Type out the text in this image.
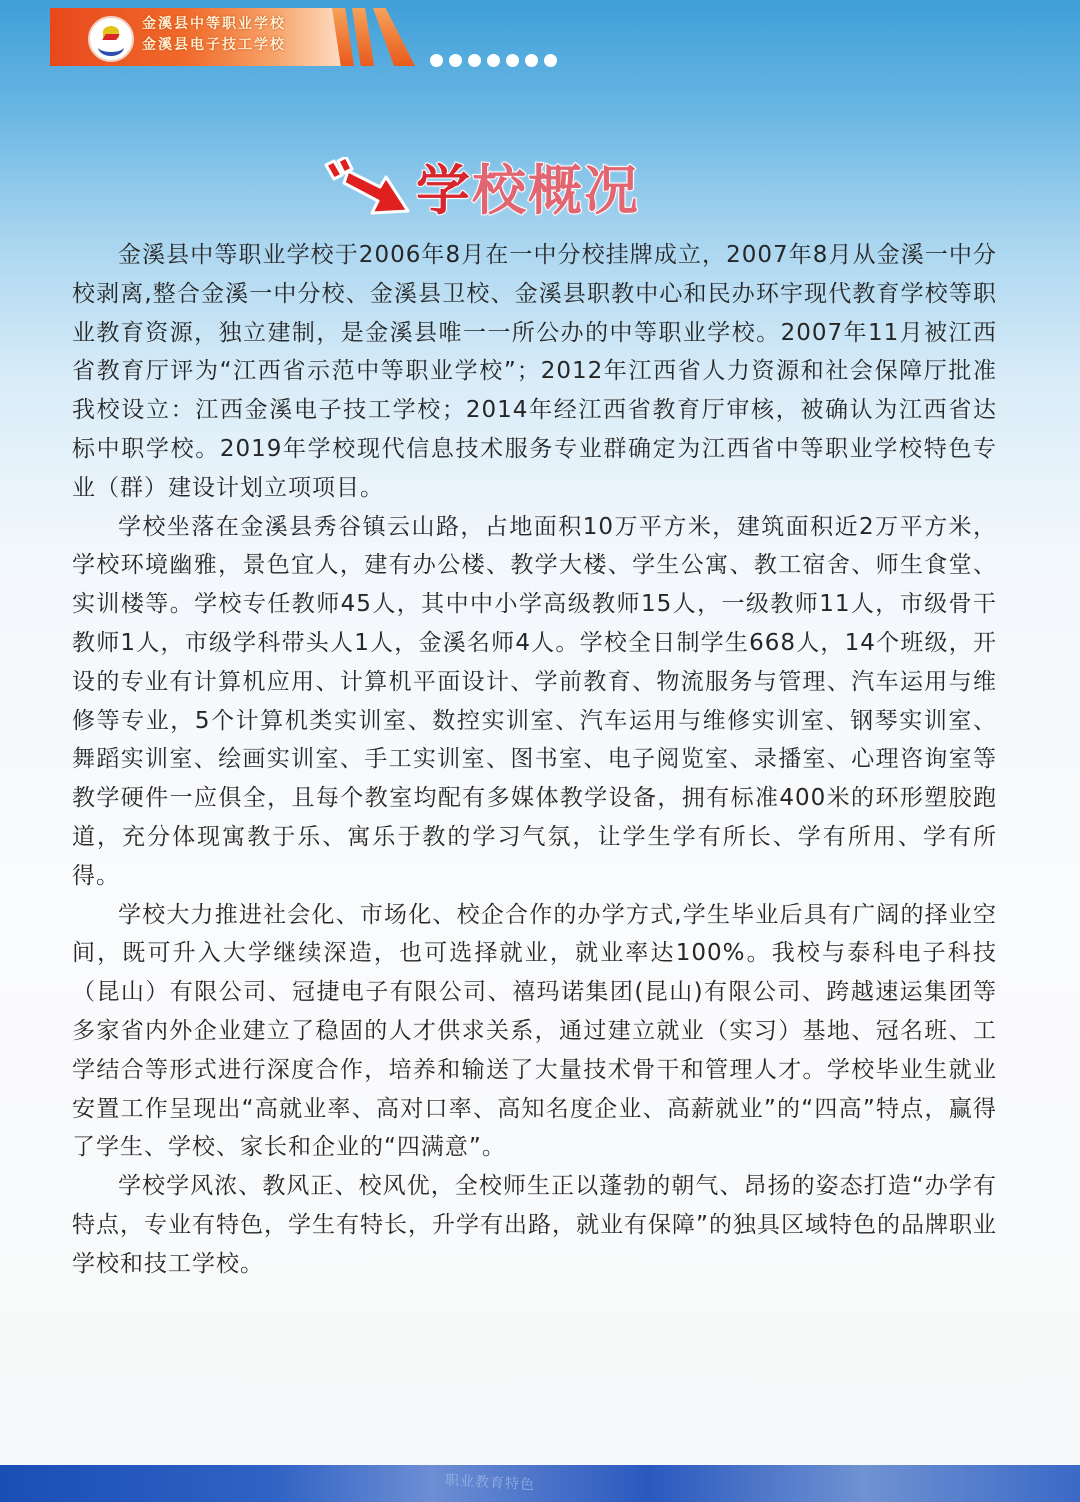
金溪县中等职业学校
金溪县电子技工学校
学校概况

金溪县中等职业学校于2006年8月在一中分校挂牌成立，2007年8月从金溪一中分校剥离,整合金溪一中分校、金溪县卫校、金溪县职教中心和民办环宇现代教育学校等职业教育资源，独立建制，是金溪县唯一一所公办的中等职业学校。2007年11月被江西省教育厅评为“江西省示范中等职业学校”；2012年江西省人力资源和社会保障厅批准我校设立：江西金溪电子技工学校；2014年经江西省教育厅审核，被确认为江西省达标中职学校。2019年学校现代信息技术服务专业群确定为江西省中等职业学校特色专业（群）建设计划立项项目。

学校坐落在金溪县秀谷镇云山路，占地面积10万平方米，建筑面积近2万平方米，学校环境幽雅，景色宜人，建有办公楼、教学大楼、学生公寓、教工宿舍、师生食堂、实训楼等。学校专任教师45人，其中中小学高级教师15人，一级教师11人，市级骨干教师1人，市级学科带头人1人，金溪名师4人。学校全日制学生668人，14个班级，开设的专业有计算机应用、计算机平面设计、学前教育、物流服务与管理、汽车运用与维修等专业，5个计算机类实训室、数控实训室、汽车运用与维修实训室、钢琴实训室、舞蹈实训室、绘画实训室、手工实训室、图书室、电子阅览室、录播室、心理咨询室等教学硬件一应俱全，且每个教室均配有多媒体教学设备，拥有标准400米的环形塑胶跑道，充分体现寓教于乐、寓乐于教的学习气氛，让学生学有所长、学有所用、学有所得。

学校大力推进社会化、市场化、校企合作的办学方式,学生毕业后具有广阔的择业空间，既可升入大学继续深造，也可选择就业，就业率达100%。我校与泰科电子科技（昆山）有限公司、冠捷电子有限公司、禧玛诺集团(昆山)有限公司、跨越速运集团等多家省内外企业建立了稳固的人才供求关系，通过建立就业（实习）基地、冠名班、工学结合等形式进行深度合作，培养和输送了大量技术骨干和管理人才。学校毕业生就业安置工作呈现出“高就业率、高对口率、高知名度企业、高薪就业”的“四高”特点，赢得了学生、学校、家长和企业的“四满意”。

学校学风浓、教风正、校风优，全校师生正以蓬勃的朝气、昂扬的姿态打造“办学有特点，专业有特色，学生有特长，升学有出路，就业有保障”的独具区域特色的品牌职业学校和技工学校。

职业教育特色
